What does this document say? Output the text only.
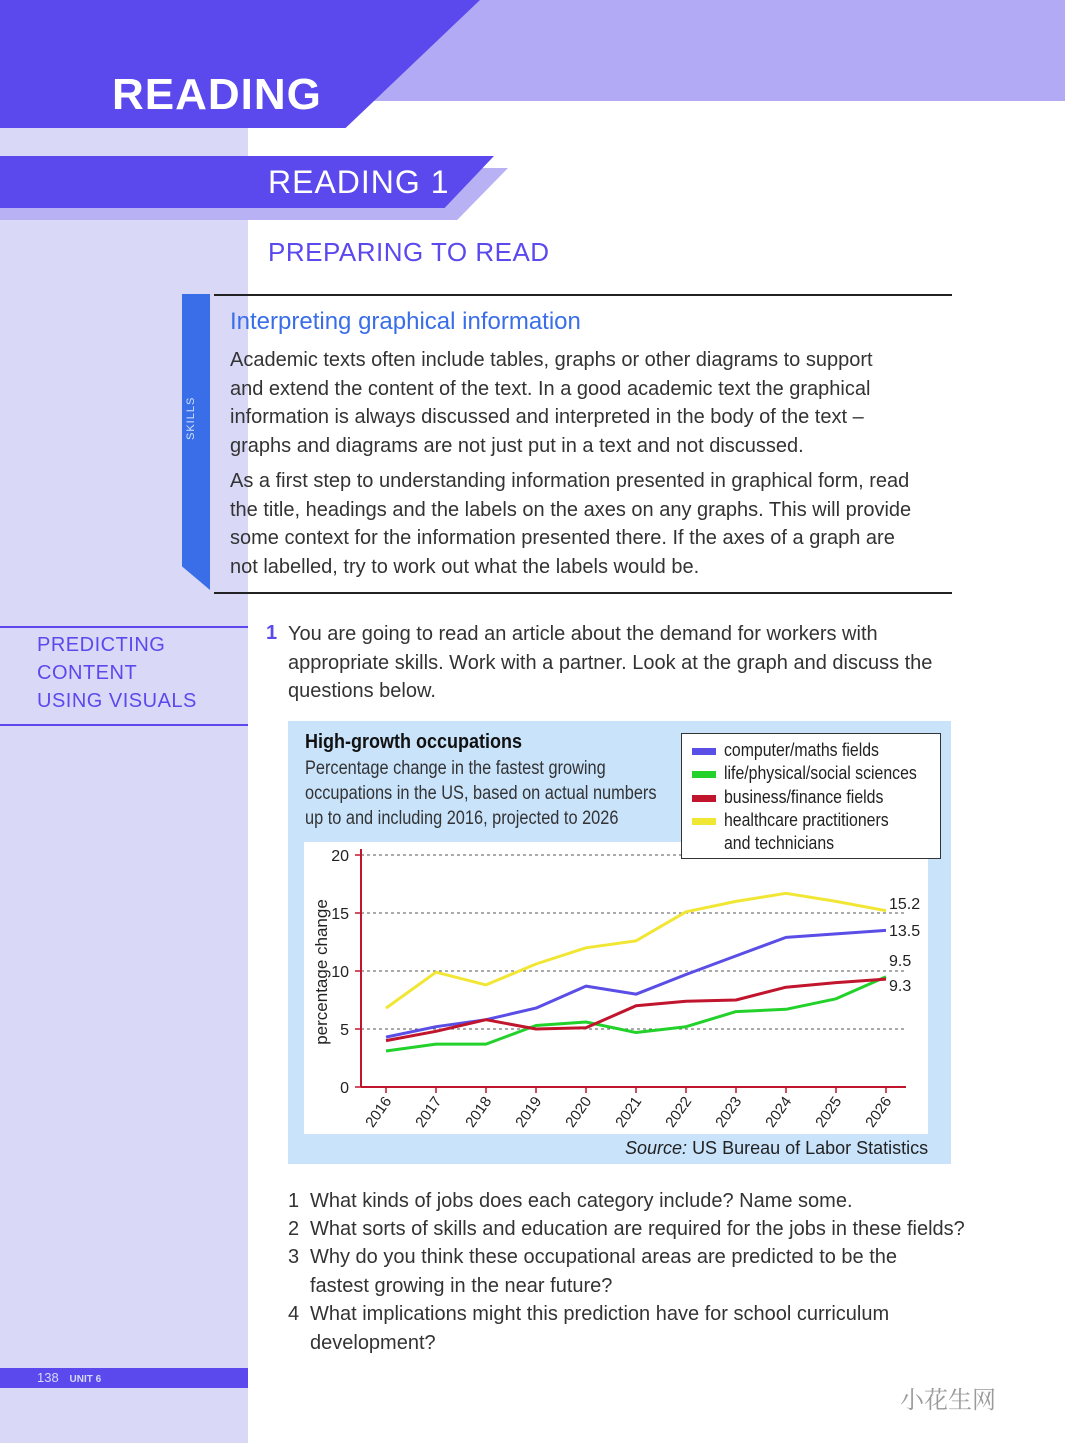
READING
READING 1
PREPARING TO READ
SKILLS
Interpreting graphical information
Academic texts often include tables, graphs or other diagrams to support
and extend the content of the text. In a good academic text the graphical
information is always discussed and interpreted in the body of the text –
graphs and diagrams are not just put in a text and not discussed.
As a first step to understanding information presented in graphical form, read
the title, headings and the labels on the axes on any graphs. This will provide
some context for the information presented there. If the axes of a graph are
not labelled, try to work out what the labels would be.
PREDICTING
CONTENT
USING VISUALS
1 You are going to read an article about the demand for workers with
appropriate skills. Work with a partner. Look at the graph and discuss the
questions below.
High-growth occupations
Percentage change in the fastest growing
occupations in the US, based on actual numbers
up to and including 2016, projected to 2026
0
5
10
15
20
percentage change
2016 2017 2018 2019 2020 2021 2022 2023 2024 2025 2026
15.2
13.5
9.5
9.3
computer/maths fields
life/physical/social sciences
business/finance fields
healthcare practitioners
and technicians
Source: US Bureau of Labor Statistics
1 What kinds of jobs does each category include? Name some.
2 What sorts of skills and education are required for the jobs in these fields?
3 Why do you think these occupational areas are predicted to be the
fastest growing in the near future?
4 What implications might this prediction have for school curriculum
development?
138 UNIT 6
小花生网
